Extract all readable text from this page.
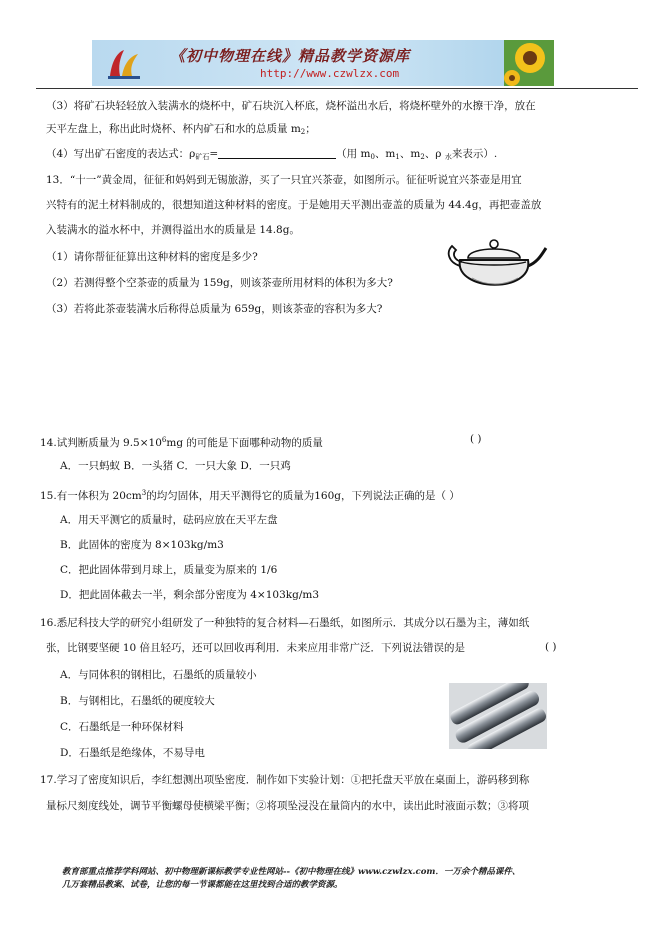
《初中物理在线》精品教学资源库
http://www.czwlzx.com
（3）将矿石块轻轻放入装满水的烧杯中，矿石块沉入杯底，烧杯溢出水后，将烧杯壁外的水擦干净，放在
天平左盘上，称出此时烧杯、杯内矿石和水的总质量 $m_2$；
（4）写出矿石密度的表达式：$\rho_{矿石}=$	（用 $m_0$、$m_1$、$m_2$、ρ $_水$来表示）.
13．“十一”黄金周，征征和妈妈到无锡旅游，买了一只宜兴茶壶，如图所示。征征听说宜兴茶壶是用宜
兴特有的泥土材料制成的，很想知道这种材料的密度。于是她用天平测出壶盖的质量为 44.4g，再把壶盖放
入装满水的溢水杯中，并测得溢出水的质量是 14.8g。
（1）请你帮征征算出这种材料的密度是多少?
（2）若测得整个空茶壶的质量为 159g，则该茶壶所用材料的体积为多大?
（3）若将此茶壶装满水后称得总质量为 659g，则该茶壶的容积为多大?
14.试判断质量为 $9.5\times 10^6mg$ 的可能是下面哪种动物的质量	( )
A．一只蚂蚁 B．一头猪 C．一只大象 D．一只鸡
15.有一体积为 $20cm^3$的均匀固体，用天平测得它的质量为160g，下列说法正确的是（ ）
A．用天平测它的质量时，砝码应放在天平左盘
B．此固体的密度为 8×103kg/m3
C．把此固体带到月球上，质量变为原来的 1/6
D．把此固体截去一半，剩余部分密度为 4×103kg/m3
16.悉尼科技大学的研究小组研发了一种独特的复合材料—石墨纸，如图所示．其成分以石墨为主，薄如纸
张，比钢要坚硬 10 倍且轻巧，还可以回收再利用．未来应用非常广泛．下列说法错误的是	( )
A．与同体积的钢相比，石墨纸的质量较小
B．与钢相比，石墨纸的硬度较大
C．石墨纸是一种环保材料
D．石墨纸是绝缘体，不易导电
17.学习了密度知识后，李红想测出项坠密度．制作如下实验计划：①把托盘天平放在桌面上，游码移到称
量标尺刻度线处，调节平衡螺母使横梁平衡；②将项坠浸没在量筒内的水中，读出此时液面示数；③将项
教育部重点推荐学科网站、初中物理新课标教学专业性网站--《初中物理在线》www.czwlzx.com．一万余个精品课件、
几万套精品教案、试卷，让您的每一节课都能在这里找到合适的教学资源。
